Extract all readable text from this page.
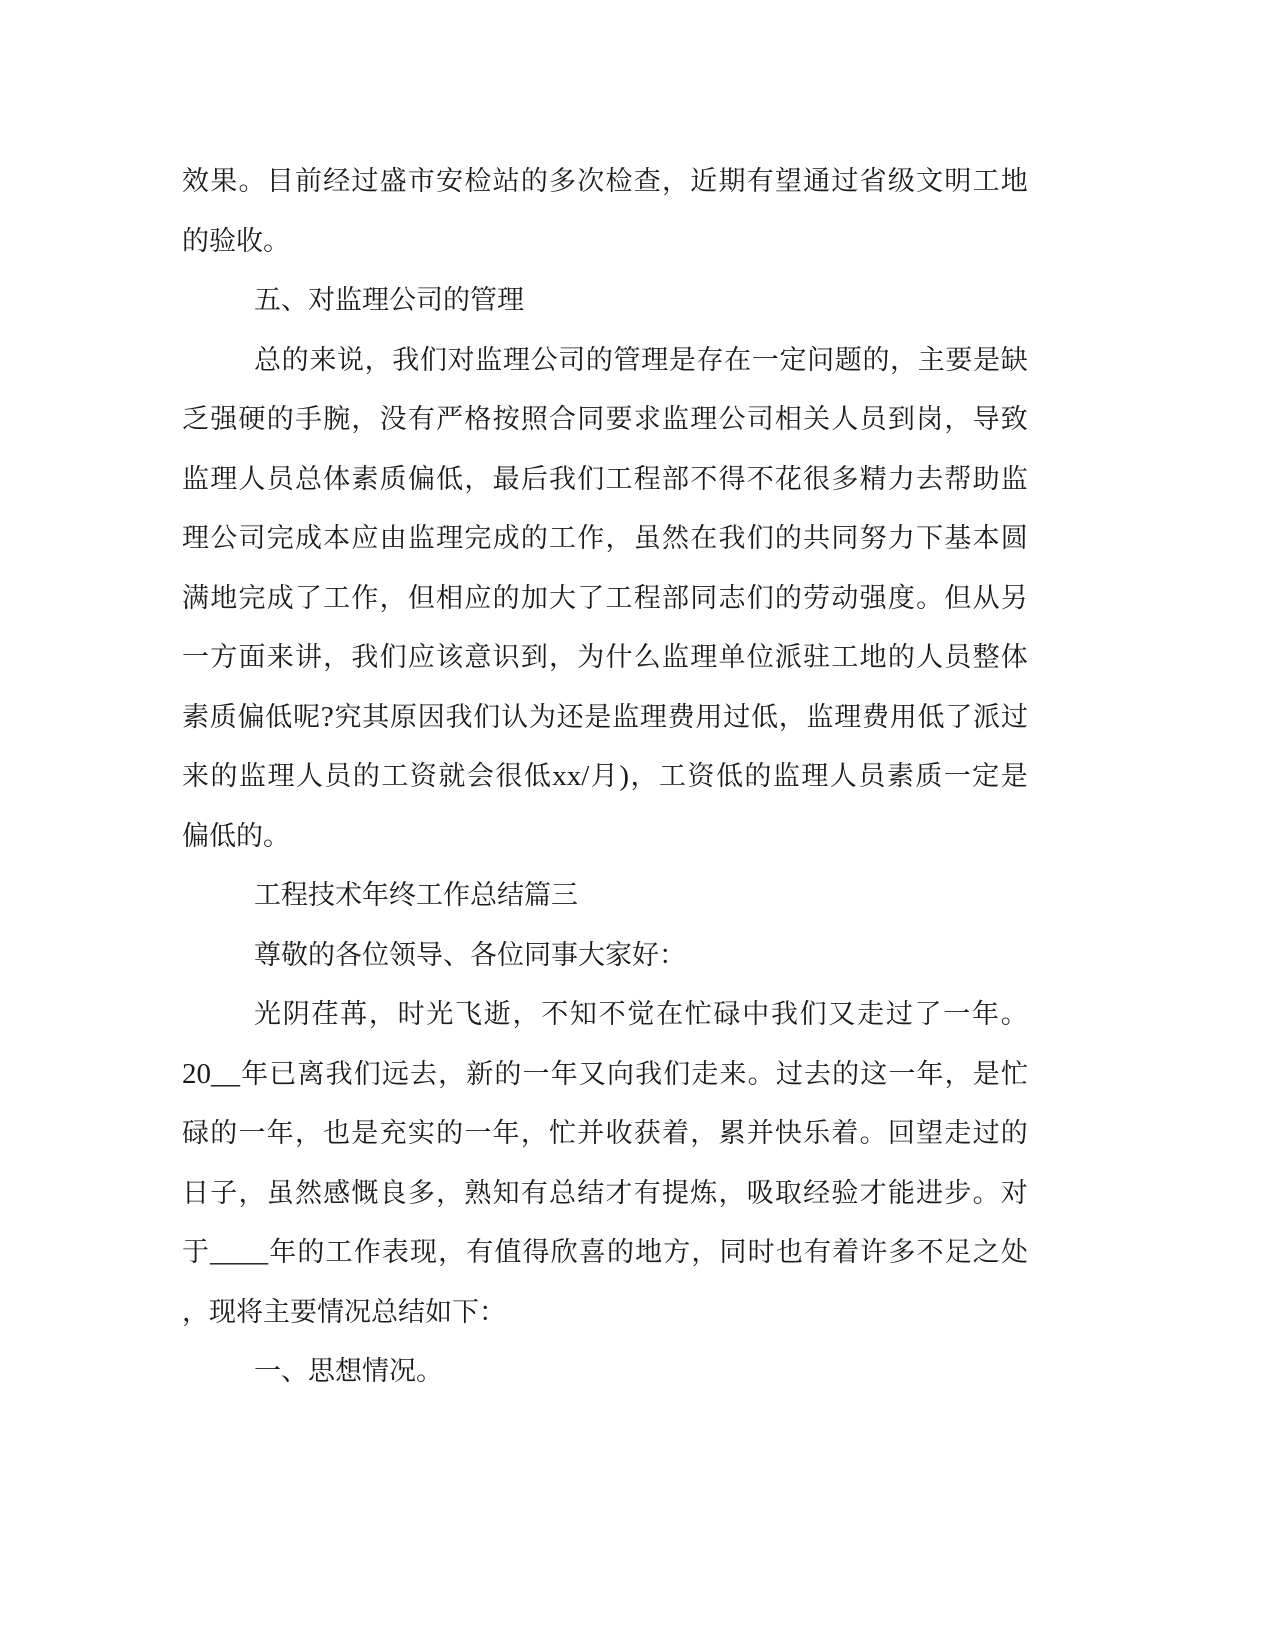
效 果 。 目 前 经 过 盛 市 安 检 站 的 多 次 检 查 ， 近 期 有 望 通 过 省 级 文 明 工 地
的验收。
五、对监理公司的管理
总 的 来 说 ， 我 们 对 监 理 公 司 的 管 理 是 存 在 一 定 问 题 的 ， 主 要 是 缺
乏 强 硬 的 手 腕 ， 没 有 严 格 按 照 合 同 要 求 监 理 公 司 相 关 人 员 到 岗 ， 导 致
监 理 人 员 总 体 素 质 偏 低 ， 最 后 我 们 工 程 部 不 得 不 花 很 多 精 力 去 帮 助 监
理 公 司 完 成 本 应 由 监 理 完 成 的 工 作 ， 虽 然 在 我 们 的 共 同 努 力 下 基 本 圆
满 地 完 成 了 工 作 ， 但 相 应 的 加 大 了 工 程 部 同 志 们 的 劳 动 强 度 。 但 从 另
一 方 面 来 讲 ， 我 们 应 该 意 识 到 ， 为 什 么 监 理 单 位 派 驻 工 地 的 人 员 整 体
素 质 偏 低 呢 ? 究 其 原 因 我 们 认 为 还 是 监 理 费 用 过 低 ， 监 理 费 用 低 了 派 过
来 的 监 理 人 员 的 工 资 就 会 很 低 xx/ 月 ) ， 工 资 低 的 监 理 人 员 素 质 一 定 是
偏低的。
工程技术年终工作总结篇三
尊敬的各位领导、各位同事大家好：
光 阴 荏 苒 ， 时 光 飞 逝 ， 不 知 不 觉 在 忙 碌 中 我 们 又 走 过 了 一 年 。
20__ 年 已 离 我 们 远 去 ， 新 的 一 年 又 向 我 们 走 来 。 过 去 的 这 一 年 ， 是 忙
碌 的 一 年 ， 也 是 充 实 的 一 年 ， 忙 并 收 获 着 ， 累 并 快 乐 着 。 回 望 走 过 的
日 子 ， 虽 然 感 慨 良 多 ， 熟 知 有 总 结 才 有 提 炼 ， 吸 取 经 验 才 能 进 步 。 对
于 ____ 年 的 工 作 表 现 ， 有 值 得 欣 喜 的 地 方 ， 同 时 也 有 着 许 多 不 足 之 处
，现将主要情况总结如下：
一、思想情况。
